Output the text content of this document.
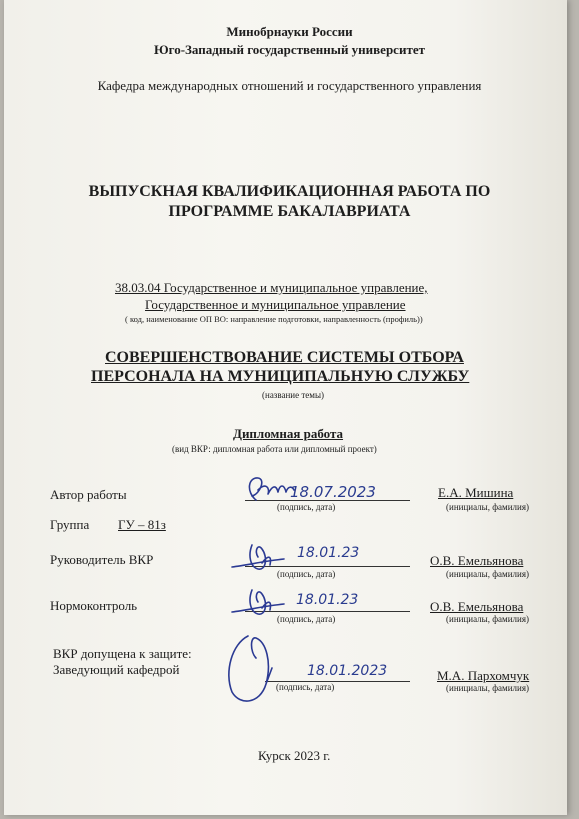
Минобрнауки России
Юго-Западный государственный университет
Кафедра международных отношений и государственного управления
ВЫПУСКНАЯ КВАЛИФИКАЦИОННАЯ РАБОТА ПО
ПРОГРАММЕ БАКАЛАВРИАТА
38.03.04 Государственное и муниципальное управление,
Государственное и муниципальное управление
( код, наименование ОП ВО: направление подготовки, направленность (профиль))
СОВЕРШЕНСТВОВАНИЕ СИСТЕМЫ ОТБОРА
ПЕРСОНАЛА НА МУНИЦИПАЛЬНУЮ СЛУЖБУ
(название темы)
Дипломная работа
(вид ВКР: дипломная работа или дипломный проект)
Автор работы	18.07.2023
(подпись, дата)
Е.А. Мишина
(инициалы, фамилия)
Группа ГУ – 81з
Руководитель ВКР	18.01.23
(подпись, дата)
О.В. Емельянова
(инициалы, фамилия)
Нормоконтроль	18.01.23
(подпись, дата)
О.В. Емельянова
(инициалы, фамилия)
ВКР допущена к защите:
Заведующий кафедрой	18.01.2023
(подпись, дата)
М.А. Пархомчук
(инициалы, фамилия)
Курск 2023 г.
